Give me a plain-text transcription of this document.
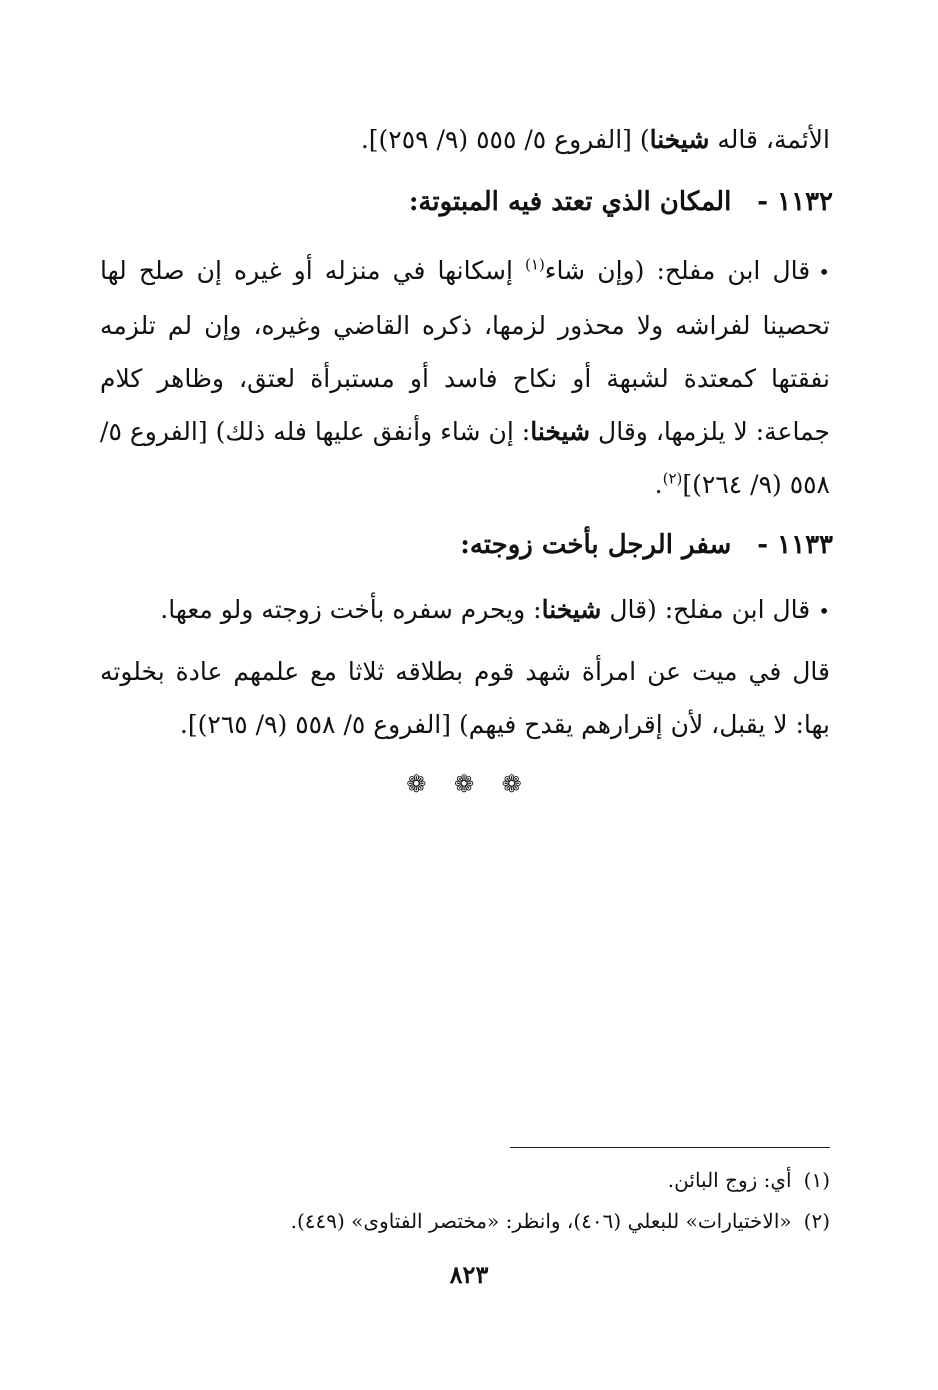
الأئمة، قاله شيخنا) [الفروع ٥/ ٥٥٥ (٩/ ٢٥٩)].
١١٣٢ -المكان الذي تعتد فيه المبتوتة:
•قال ابن مفلح: (وإن شاء$^{(١)}$ إسكانها في منزله أو غيره إن صلح لها تحصينا لفراشه ولا محذور لزمها، ذكره القاضي وغيره، وإن لم تلزمه نفقتها كمعتدة لشبهة أو نكاح فاسد أو مستبرأة لعتق، وظاهر كلام جماعة: لا يلزمها، وقال شيخنا: إن شاء وأنفق عليها فله ذلك) [الفروع ٥/ ٥٥٨ (٩/ ٢٦٤)]$^{(٢)}$.
١١٣٣ -سفر الرجل بأخت زوجته:
•قال ابن مفلح: (قال شيخنا: ويحرم سفره بأخت زوجته ولو معها.
قال في ميت عن امرأة شهد قوم بطلاقه ثلاثا مع علمهم عادة بخلوته بها: لا يقبل، لأن إقرارهم يقدح فيهم) [الفروع ٥/ ٥٥٨ (٩/ ٢٦٥)].
❁ ❁ ❁
(١)أي: زوج البائن.
(٢)«الاختيارات» للبعلي (٤٠٦)، وانظر: «مختصر الفتاوى» (٤٤٩).
٨٢٣
